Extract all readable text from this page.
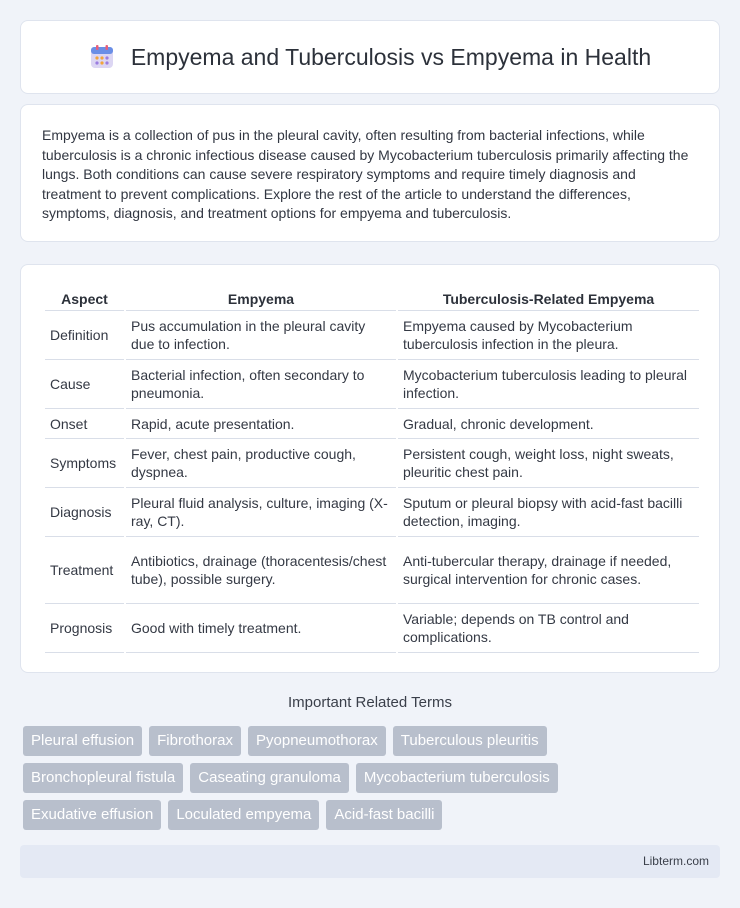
Empyema and Tuberculosis vs Empyema in Health

Empyema is a collection of pus in the pleural cavity, often resulting from bacterial infections, while tuberculosis is a chronic infectious disease caused by Mycobacterium tuberculosis primarily affecting the lungs. Both conditions can cause severe respiratory symptoms and require timely diagnosis and treatment to prevent complications. Explore the rest of the article to understand the differences, symptoms, diagnosis, and treatment options for empyema and tuberculosis.

Aspect	Empyema	Tuberculosis-Related Empyema
Definition	Pus accumulation in the pleural cavity due to infection.	Empyema caused by Mycobacterium tuberculosis infection in the pleura.
Cause	Bacterial infection, often secondary to pneumonia.	Mycobacterium tuberculosis leading to pleural infection.
Onset	Rapid, acute presentation.	Gradual, chronic development.
Symptoms	Fever, chest pain, productive cough, dyspnea.	Persistent cough, weight loss, night sweats, pleuritic chest pain.
Diagnosis	Pleural fluid analysis, culture, imaging (X-ray, CT).	Sputum or pleural biopsy with acid-fast bacilli detection, imaging.
Treatment	Antibiotics, drainage (thoracentesis/chest tube), possible surgery.	Anti-tubercular therapy, drainage if needed, surgical intervention for chronic cases.
Prognosis	Good with timely treatment.	Variable; depends on TB control and complications.
Important Related Terms
Pleural effusion	Fibrothorax	Pyopneumothorax	Tuberculous pleuritis
Bronchopleural fistula	Caseating granuloma	Mycobacterium tuberculosis
Exudative effusion	Loculated empyema	Acid-fast bacilli
Libterm.com
